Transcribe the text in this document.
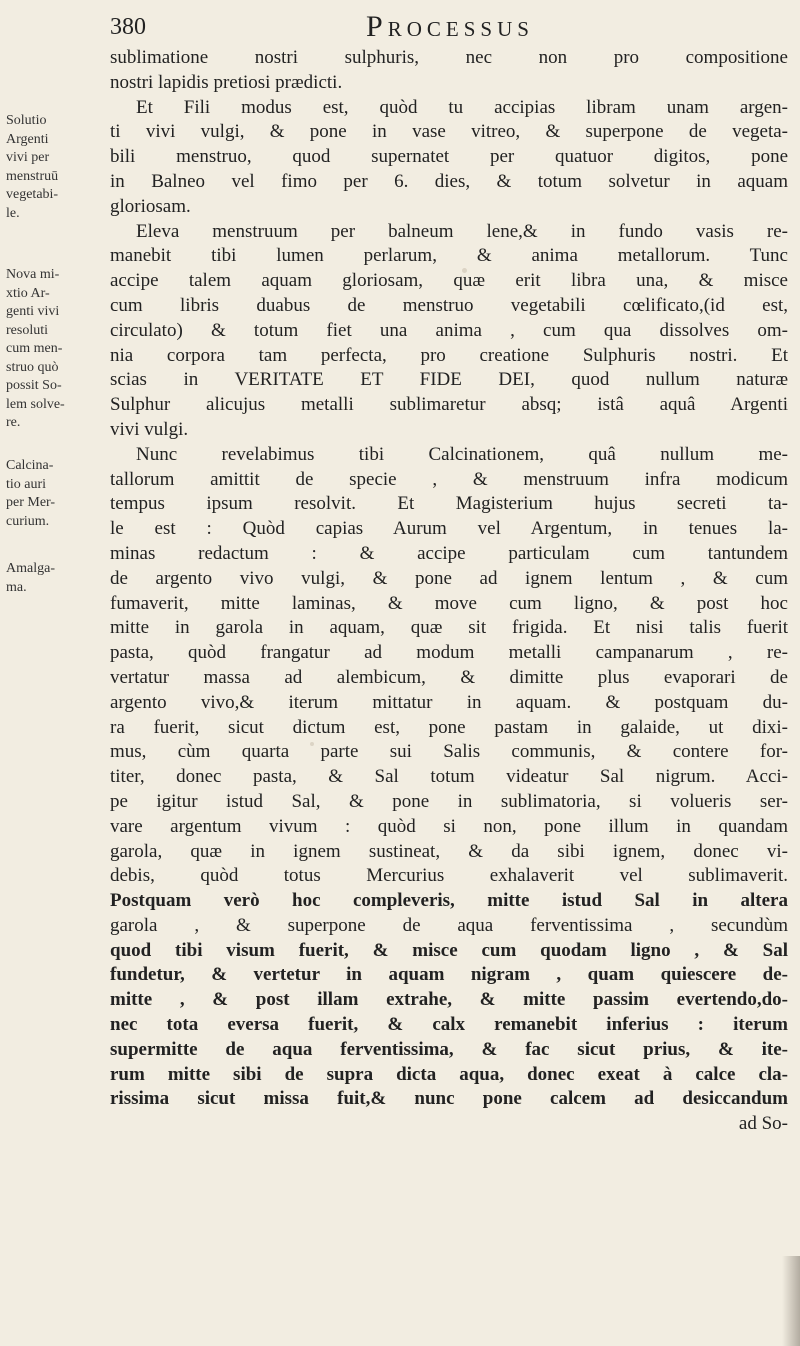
380	Processus
Solutio
Argenti
vivi per
menstruū
vegetabi-
le.
Nova mi-
xtio Ar-
genti vivi
resoluti
cum men-
struo quò
possit So-
lem solve-
re.
Calcina-
tio auri
per Mer-
curium.
Amalga-
ma.
sublimatione nostri sulphuris, nec non pro compositione
nostri lapidis pretiosi prædicti.
Et Fili modus est, quòd tu accipias libram unam argen-
ti vivi vulgi, & pone in vase vitreo, & superpone de vegeta-
bili menstruo, quod supernatet per quatuor digitos, pone
in Balneo vel fimo per 6. dies, & totum solvetur in aquam
gloriosam.
Eleva menstruum per balneum lene,& in fundo vasis re-
manebit tibi lumen perlarum, & anima metallorum. Tunc
accipe talem aquam gloriosam, quæ erit libra una, & misce
cum libris duabus de menstruo vegetabili cœlificato,(id est,
circulato) & totum fiet una anima , cum qua dissolves om-
nia corpora tam perfecta, pro creatione Sulphuris nostri. Et
scias in VERITATE ET FIDE DEI, quod nullum naturæ
Sulphur alicujus metalli sublimaretur absq; istâ aquâ Argenti
vivi vulgi.
Nunc revelabimus tibi Calcinationem, quâ nullum me-
tallorum amittit de specie , & menstruum infra modicum
tempus ipsum resolvit. Et Magisterium hujus secreti ta-
le est : Quòd capias Aurum vel Argentum, in tenues la-
minas redactum : & accipe particulam cum tantundem
de argento vivo vulgi, & pone ad ignem lentum , & cum
fumaverit, mitte laminas, & move cum ligno, & post hoc
mitte in garola in aquam, quæ sit frigida. Et nisi talis fuerit
pasta, quòd frangatur ad modum metalli campanarum , re-
vertatur massa ad alembicum, & dimitte plus evaporari de
argento vivo,& iterum mittatur in aquam. & postquam du-
ra fuerit, sicut dictum est, pone pastam in galaide, ut dixi-
mus, cùm quarta parte sui Salis communis, & contere for-
titer, donec pasta, & Sal totum videatur Sal nigrum. Acci-
pe igitur istud Sal, & pone in sublimatoria, si volueris ser-
vare argentum vivum : quòd si non, pone illum in quandam
garola, quæ in ignem sustineat, & da sibi ignem, donec vi-
debis, quòd totus Mercurius exhalaverit vel sublimaverit.
Postquam verò hoc compleveris, mitte istud Sal in altera
garola , & superpone de aqua ferventissima , secundùm
quod tibi visum fuerit, & misce cum quodam ligno , & Sal
fundetur, & vertetur in aquam nigram , quam quiescere de-
mitte , & post illam extrahe, & mitte passim evertendo,do-
nec tota eversa fuerit, & calx remanebit inferius : iterum
supermitte de aqua ferventissima, & fac sicut prius, & ite-
rum mitte sibi de supra dicta aqua, donec exeat à calce cla-
rissima sicut missa fuit,& nunc pone calcem ad desiccandum
ad So-
